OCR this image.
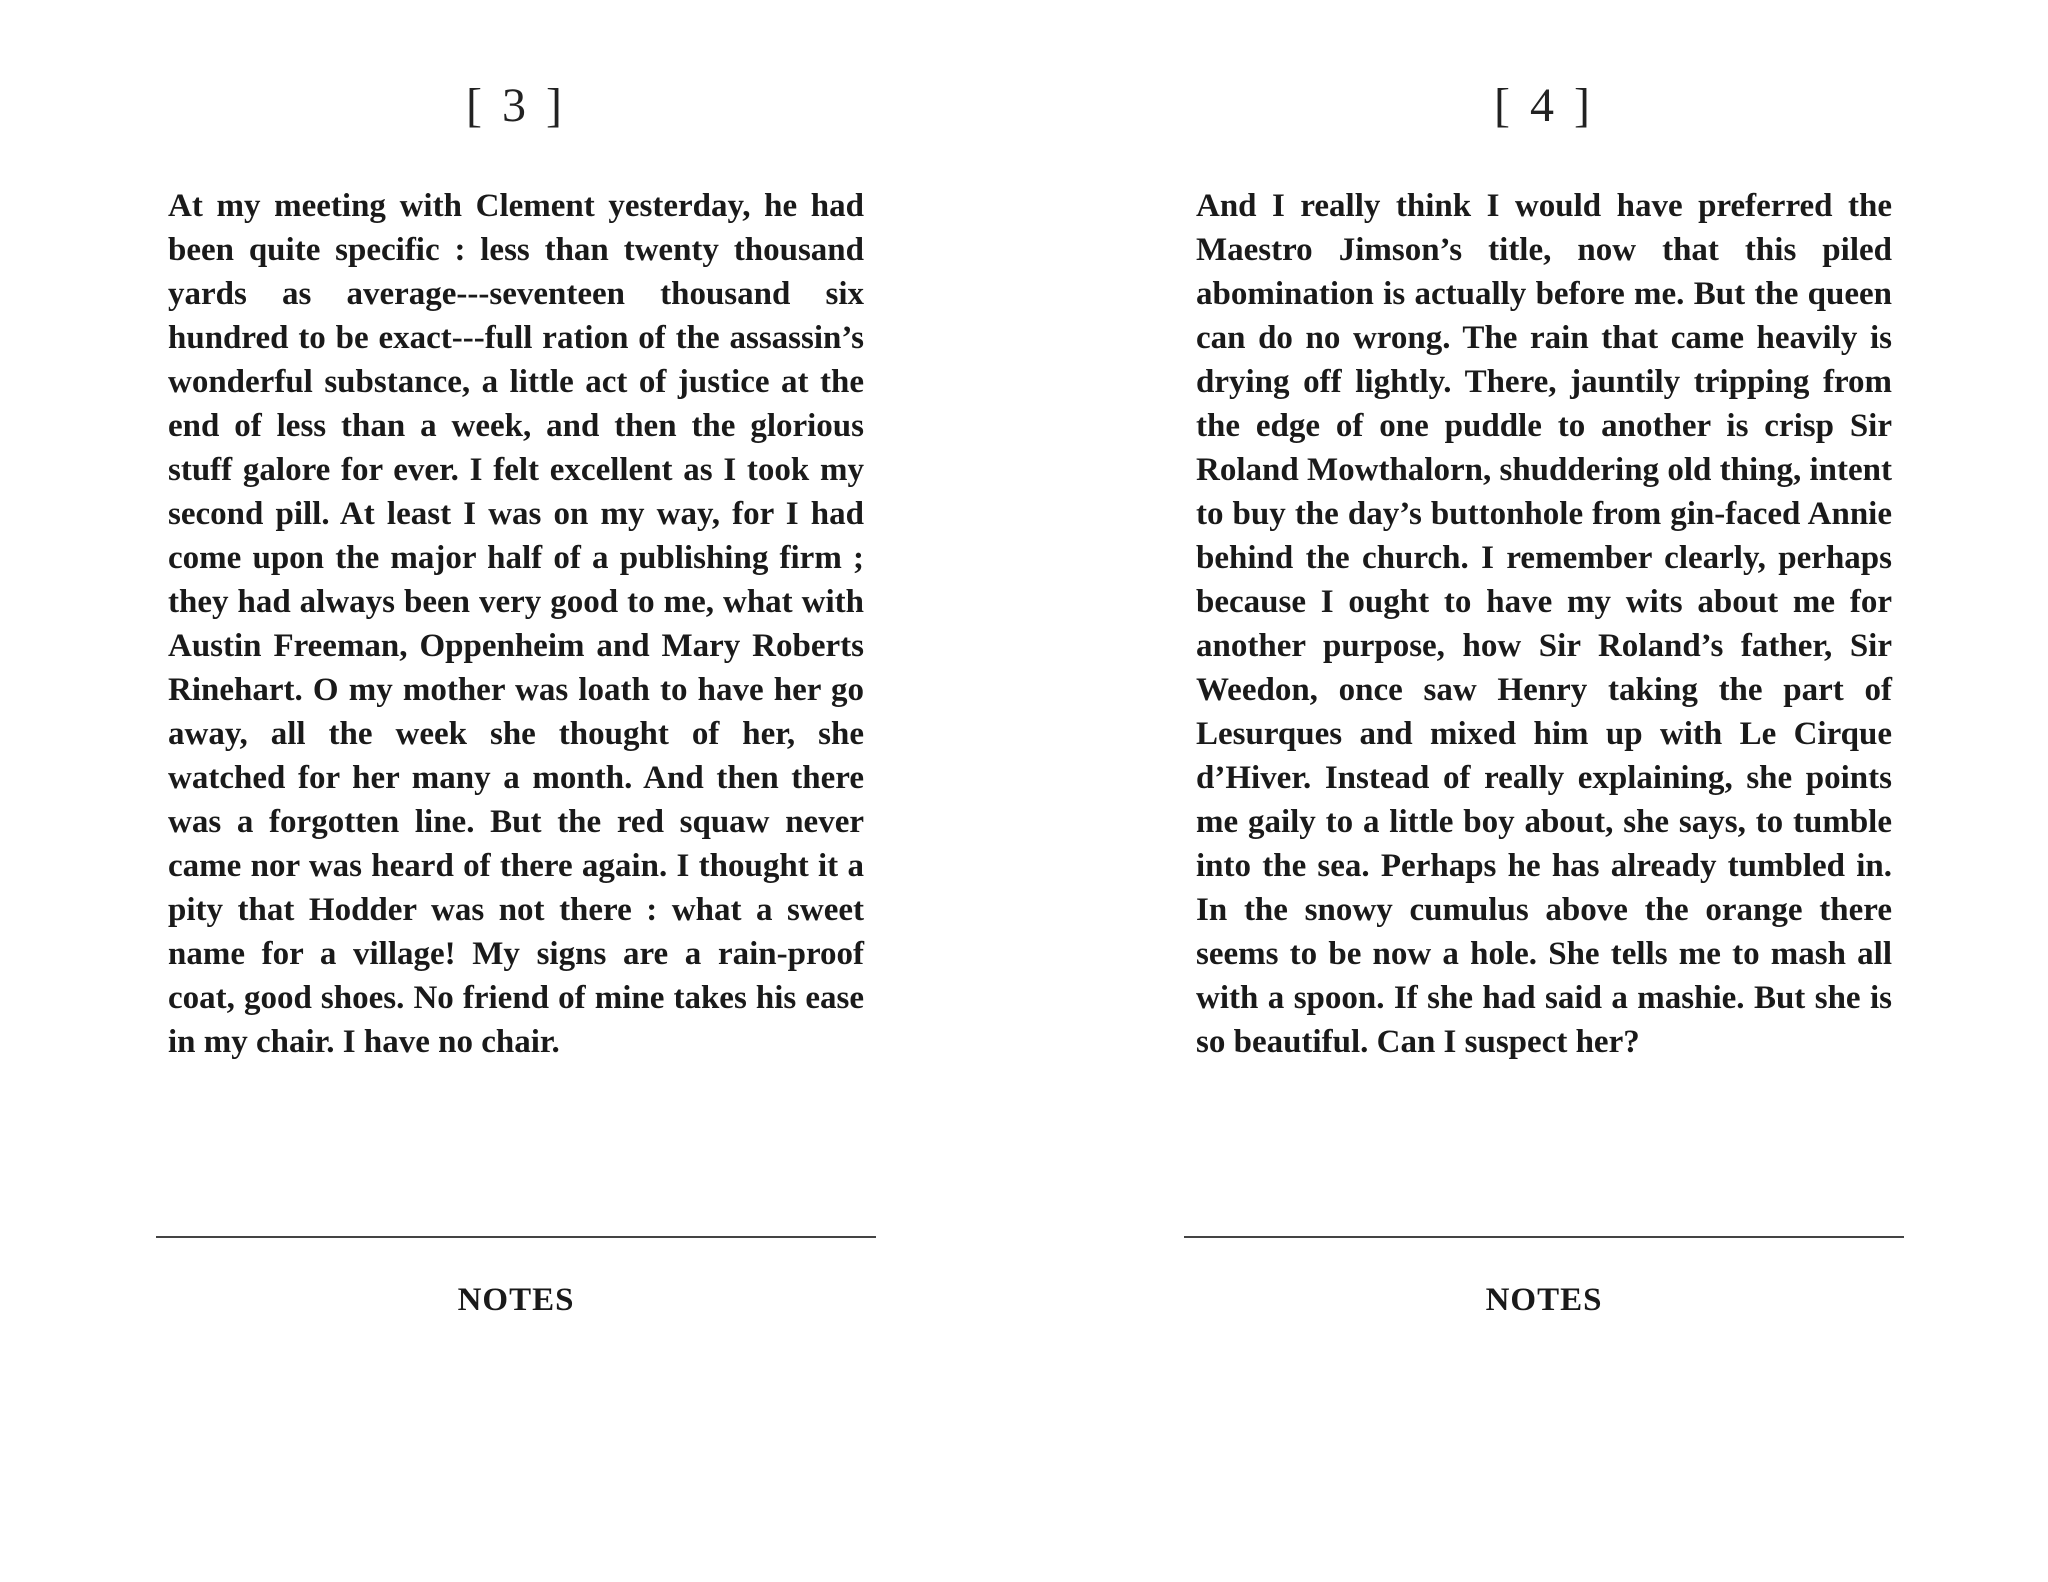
[ 3 ]

At my meeting with Clement yesterday, he had been quite specific : less than twenty thousand yards as average---seventeen thousand six hundred to be exact---full ration of the assassin’s wonderful substance, a little act of justice at the end of less than a week, and then the glorious stuff galore for ever. I felt excellent as I took my second pill. At least I was on my way, for I had come upon the major half of a publishing firm ; they had always been very good to me, what with Austin Freeman, Oppenheim and Mary Roberts Rinehart. O my mother was loath to have her go away, all the week she thought of her, she watched for her many a month. And then there was a forgotten line. But the red squaw never came nor was heard of there again. I thought it a pity that Hodder was not there : what a sweet name for a village! My signs are a rain-proof coat, good shoes. No friend of mine takes his ease in my chair. I have no chair.

NOTES
[ 4 ]

And I really think I would have preferred the Maestro Jimson’s title, now that this piled abomination is actually before me. But the queen can do no wrong. The rain that came heavily is drying off lightly. There, jauntily tripping from the edge of one puddle to another is crisp Sir Roland Mowthalorn, shuddering old thing, intent to buy the day’s buttonhole from gin-faced Annie behind the church. I remember clearly, perhaps because I ought to have my wits about me for another purpose, how Sir Roland’s father, Sir Weedon, once saw Henry taking the part of Lesurques and mixed him up with Le Cirque d’Hiver. Instead of really explaining, she points me gaily to a little boy about, she says, to tumble into the sea. Perhaps he has already tumbled in. In the snowy cumulus above the orange there seems to be now a hole. She tells me to mash all with a spoon. If she had said a mashie. But she is so beautiful. Can I suspect her?

NOTES
